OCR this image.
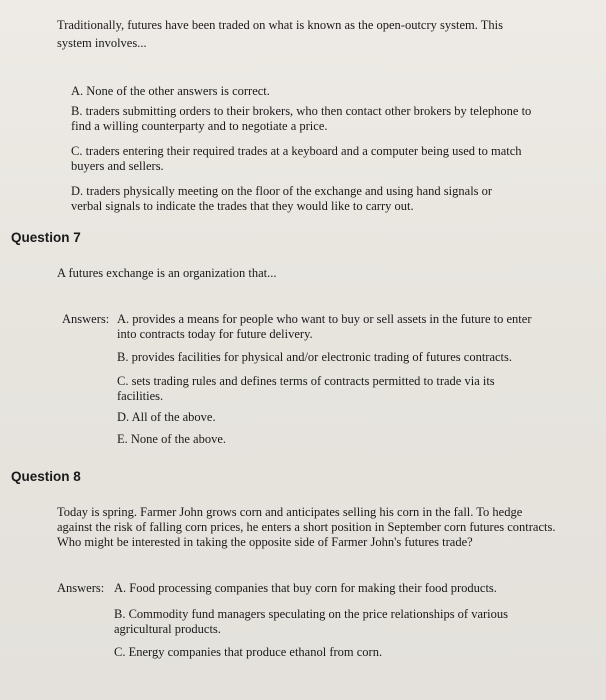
Traditionally, futures have been traded on what is known as the open-outcry system. This
system involves...
A. None of the other answers is correct.
B. traders submitting orders to their brokers, who then contact other brokers by telephone to find a willing counterparty and to negotiate a price.
C. traders entering their required trades at a keyboard and a computer being used to match buyers and sellers.
D. traders physically meeting on the floor of the exchange and using hand signals or verbal signals to indicate the trades that they would like to carry out.
Question 7
A futures exchange is an organization that...
Answers: A. provides a means for people who want to buy or sell assets in the future to enter into contracts today for future delivery.
B. provides facilities for physical and/or electronic trading of futures contracts.
C. sets trading rules and defines terms of contracts permitted to trade via its facilities.
D. All of the above.
E. None of the above.
Question 8
Today is spring. Farmer John grows corn and anticipates selling his corn in the fall. To hedge against the risk of falling corn prices, he enters a short position in September corn futures contracts. Who might be interested in taking the opposite side of Farmer John's futures trade?
Answers: A. Food processing companies that buy corn for making their food products.
B. Commodity fund managers speculating on the price relationships of various agricultural products.
C. Energy companies that produce ethanol from corn.
